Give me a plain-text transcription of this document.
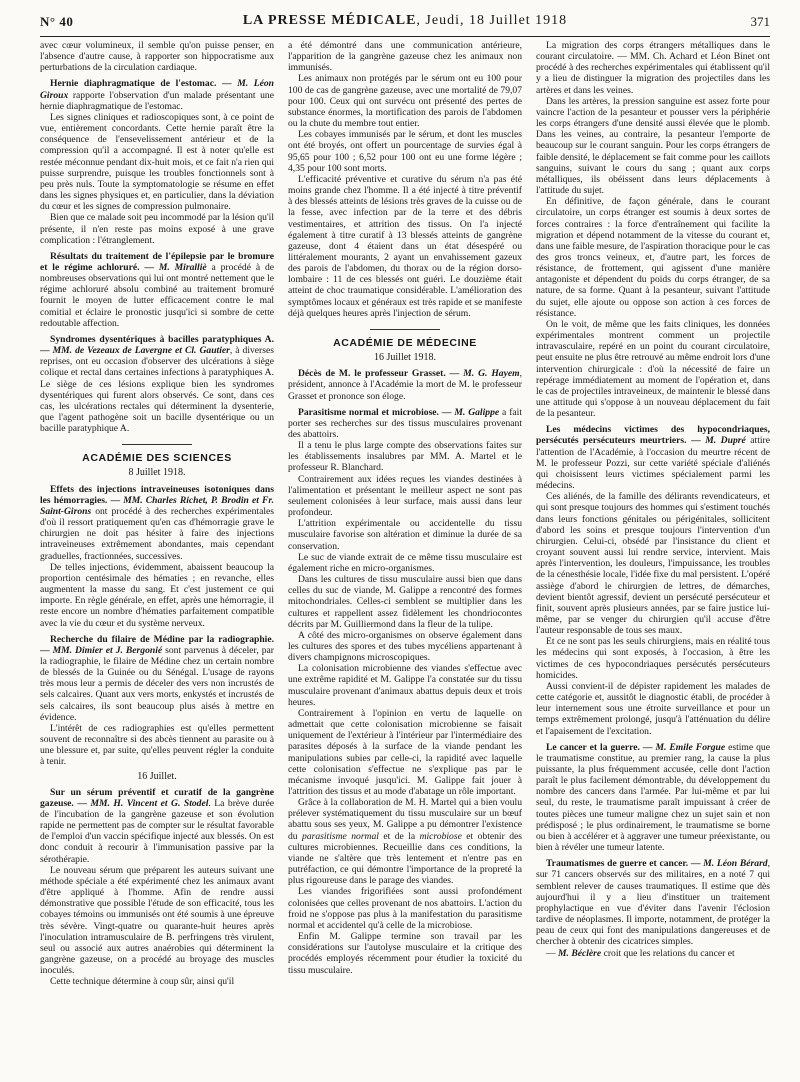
N° 40	LA PRESSE MÉDICALE, Jeudi, 18 Juillet 1918	371

avec cœur volumineux, il semble qu'on puisse penser, en l'absence d'autre cause, à rapporter son hippocratisme aux perturbations de la circulation cardiaque.

Hernie diaphragmatique de l'estomac. — M. Léon Giroux rapporte l'observation d'un malade présentant une hernie diaphragmatique de l'estomac.

Les signes cliniques et radioscopiques sont, à ce point de vue, entièrement concordants. Cette hernie paraît être la conséquence de l'ensevelissement antérieur et de la compression qu'il a accompagné. Il est à noter qu'elle est restée méconnue pendant dix-huit mois, et ce fait n'a rien qui puisse surprendre, puisque les troubles fonctionnels sont à peu près nuls. Toute la symptomatologie se résume en effet dans les signes physiques et, en particulier, dans la déviation du cœur et les signes de compression pulmonaire.

Bien que ce malade soit peu incommodé par la lésion qu'il présente, il n'en reste pas moins exposé à une grave complication : l'étranglement.

Résultats du traitement de l'épilepsie par le bromure et le régime achloruré. — M. Miralliè a procédé à de nombreuses observations qui lui ont montré nettement que le régime achloruré absolu combiné au traitement bromuré fournit le moyen de lutter efficacement contre le mal comitial et éclaire le pronostic jusqu'ici si sombre de cette redoutable affection.

Syndromes dysentériques à bacilles paratyphiques A. — MM. de Vezeaux de Lavergne et Cl. Gautier, à diverses reprises, ont eu occasion d'observer des ulcérations à siège colique et rectal dans certaines infections à paratyphiques A. Le siège de ces lésions explique bien les syndromes dysentériques qui furent alors observés. Ce sont, dans ces cas, les ulcérations rectales qui déterminent la dysenterie, que l'agent pathogène soit un bacille dysentérique ou un bacille paratyphique A.

ACADÉMIE DES SCIENCES
8 Juillet 1918.

Effets des injections intraveineuses isotoniques dans les hémorragies. — MM. Charles Richet, P. Brodin et Fr. Saint-Girons ont procédé à des recherches expérimentales d'où il ressort pratiquement qu'en cas d'hémorragie grave le chirurgien ne doit pas hésiter à faire des injections intraveineuses extrêmement abondantes, mais cependant graduelles, fractionnées, successives.

De telles injections, évidemment, abaissent beaucoup la proportion centésimale des hématies ; en revanche, elles augmentent la masse du sang. Et c'est justement ce qui importe. En règle générale, en effet, après une hémorragie, il reste encore un nombre d'hématies parfaitement compatible avec la vie du cœur et du système nerveux.

Recherche du filaire de Médine par la radiographie. — MM. Dimier et J. Bergonié sont parvenus à déceler, par la radiographie, le filaire de Médine chez un certain nombre de blessés de la Guinée ou du Sénégal. L'usage de rayons très mous leur a permis de déceler des vers non incrustés de sels calcaires. Quant aux vers morts, enkystés et incrustés de sels calcaires, ils sont beaucoup plus aisés à mettre en évidence.

L'intérêt de ces radiographies est qu'elles permettent souvent de reconnaître si des abcès tiennent au parasite ou à une blessure et, par suite, qu'elles peuvent régler la conduite à tenir.

16 Juillet.

Sur un sérum préventif et curatif de la gangrène gazeuse. — MM. H. Vincent et G. Stodel. La brève durée de l'incubation de la gangrène gazeuse et son évolution rapide ne permettent pas de compter sur le résultat favorable de l'emploi d'un vaccin spécifique injecté aux blessés. On est donc conduit à recourir à l'immunisation passive par la sérothérapie.

Le nouveau sérum que préparent les auteurs suivant une méthode spéciale a été expérimenté chez les animaux avant d'être appliqué à l'homme. Afin de rendre aussi démonstrative que possible l'étude de son efficacité, tous les cobayes témoins ou immunisés ont été soumis à une épreuve très sévère. Vingt-quatre ou quarante-huit heures après l'inoculation intramusculaire de B. perfringens très virulent, seul ou associé aux autres anaérobies qui déterminent la gangrène gazeuse, on a procédé au broyage des muscles inoculés.

Cette technique détermine à coup sûr, ainsi qu'il

a été démontré dans une communication antérieure, l'apparition de la gangrène gazeuse chez les animaux non immunisés.

Les animaux non protégés par le sérum ont eu 100 pour 100 de cas de gangrène gazeuse, avec une mortalité de 79,07 pour 100. Ceux qui ont survécu ont présenté des pertes de substance énormes, la mortification des parois de l'abdomen ou la chute du membre tout entier.

Les cobayes immunisés par le sérum, et dont les muscles ont été broyés, ont offert un pourcentage de survies égal à 95,65 pour 100 ; 6,52 pour 100 ont eu une forme légère ; 4,35 pour 100 sont morts.

L'efficacité préventive et curative du sérum n'a pas été moins grande chez l'homme. Il a été injecté à titre préventif à des blessés atteints de lésions très graves de la cuisse ou de la fesse, avec infection par de la terre et des débris vestimentaires, et attrition des tissus. On l'a injecté également à titre curatif à 13 blessés atteints de gangrène gazeuse, dont 4 étaient dans un état désespéré ou littéralement mourants, 2 ayant un envahissement gazeux des parois de l'abdomen, du thorax ou de la région dorso-lombaire : 11 de ces blessés ont guéri. Le douzième était atteint de choc traumatique considérable. L'amélioration des symptômes locaux et généraux est très rapide et se manifeste déjà quelques heures après l'injection de sérum.

ACADÉMIE DE MÉDECINE
16 Juillet 1918.

Décès de M. le professeur Grasset. — M. G. Hayem, président, annonce à l'Académie la mort de M. le professeur Grasset et prononce son éloge.

Parasitisme normal et microbiose. — M. Galippe a fait porter ses recherches sur des tissus musculaires provenant des abattoirs.

Il a tenu le plus large compte des observations faites sur les établissements insalubres par MM. A. Martel et le professeur R. Blanchard.

Contrairement aux idées reçues les viandes destinées à l'alimentation et présentant le meilleur aspect ne sont pas seulement colonisées à leur surface, mais aussi dans leur profondeur.

L'attrition expérimentale ou accidentelle du tissu musculaire favorise son altération et diminue la durée de sa conservation.

Le suc de viande extrait de ce même tissu musculaire est également riche en micro-organismes.

Dans les cultures de tissu musculaire aussi bien que dans celles du suc de viande, M. Galippe a rencontré des formes mitochondriales. Celles-ci semblent se multiplier dans les cultures et rappellent assez fidèlement les chondriocontes décrits par M. Guilliermond dans la fleur de la tulipe.

A côté des micro-organismes on observe également dans les cultures des spores et des tubes mycéliens appartenant à divers champignons microscopiques.

La colonisation microbienne des viandes s'effectue avec une extrême rapidité et M. Galippe l'a constatée sur du tissu musculaire provenant d'animaux abattus depuis deux et trois heures.

Contrairement à l'opinion en vertu de laquelle on admettait que cette colonisation microbienne se faisait uniquement de l'extérieur à l'intérieur par l'intermédiaire des parasites déposés à la surface de la viande pendant les manipulations subies par celle-ci, la rapidité avec laquelle cette colonisation s'effectue ne s'explique pas par le mécanisme invoqué jusqu'ici. M. Galippe fait jouer à l'attrition des tissus et au mode d'abatage un rôle important.

Grâce à la collaboration de M. H. Martel qui a bien voulu prélever systématiquement du tissu musculaire sur un bœuf abattu sous ses yeux, M. Galippe a pu démontrer l'existence du parasitisme normal et de la microbiose et obtenir des cultures microbiennes. Recueillie dans ces conditions, la viande ne s'altère que très lentement et n'entre pas en putréfaction, ce qui démontre l'importance de la propreté la plus rigoureuse dans le parage des viandes.

Les viandes frigorifiées sont aussi profondément colonisées que celles provenant de nos abattoirs. L'action du froid ne s'oppose pas plus à la manifestation du parasitisme normal et accidentel qu'à celle de la microbiose.

Enfin M. Galippe termine son travail par les considérations sur l'autolyse musculaire et la critique des procédés employés récemment pour étudier la toxicité du tissu musculaire.

La migration des corps étrangers métalliques dans le courant circulatoire. — MM. Ch. Achard et Léon Binet ont procédé à des recherches expérimentales qui établissent qu'il y a lieu de distinguer la migration des projectiles dans les artères et dans les veines.

Dans les artères, la pression sanguine est assez forte pour vaincre l'action de la pesanteur et pousser vers la périphérie les corps étrangers d'une densité aussi élevée que le plomb. Dans les veines, au contraire, la pesanteur l'emporte de beaucoup sur le courant sanguin. Pour les corps étrangers de faible densité, le déplacement se fait comme pour les caillots sanguins, suivant le cours du sang ; quant aux corps métalliques, ils obéissent dans leurs déplacements à l'attitude du sujet.

En définitive, de façon générale, dans le courant circulatoire, un corps étranger est soumis à deux sortes de forces contraires : la force d'entraînement qui facilite la migration et dépend notamment de la vitesse du courant et, dans une faible mesure, de l'aspiration thoracique pour le cas des gros troncs veineux, et, d'autre part, les forces de résistance, de frottement, qui agissent d'une manière antagoniste et dépendent du poids du corps étranger, de sa nature, de sa forme. Quant à la pesanteur, suivant l'attitude du sujet, elle ajoute ou oppose son action à ces forces de résistance.

On le voit, de même que les faits cliniques, les données expérimentales montrent comment un projectile intravasculaire, repéré en un point du courant circulatoire, peut ensuite ne plus être retrouvé au même endroit lors d'une intervention chirurgicale : d'où la nécessité de faire un repérage immédiatement au moment de l'opération et, dans le cas de projectiles intraveineux, de maintenir le blessé dans une attitude qui s'oppose à un nouveau déplacement du fait de la pesanteur.

Les médecins victimes des hypocondriaques, persécutés persécuteurs meurtriers. — M. Dupré attire l'attention de l'Académie, à l'occasion du meurtre récent de M. le professeur Pozzi, sur cette variété spéciale d'aliénés qui choisissent leurs victimes spécialement parmi les médecins.

Ces aliénés, de la famille des délirants revendicateurs, et qui sont presque toujours des hommes qui s'estiment touchés dans leurs fonctions génitales ou périgénitales, sollicitent d'abord les soins et presque toujours l'intervention d'un chirurgien. Celui-ci, obsédé par l'insistance du client et croyant souvent aussi lui rendre service, intervient. Mais après l'intervention, les douleurs, l'impuissance, les troubles de la cénesthésie locale, l'idée fixe du mal persistent. L'opéré assiège d'abord le chirurgien de lettres, de démarches, devient bientôt agressif, devient un persécuté persécuteur et finit, souvent après plusieurs années, par se faire justice lui-même, par se venger du chirurgien qu'il accuse d'être l'auteur responsable de tous ses maux.

Et ce ne sont pas les seuls chirurgiens, mais en réalité tous les médecins qui sont exposés, à l'occasion, à être les victimes de ces hypocondriaques persécutés persécuteurs homicides.

Aussi convient-il de dépister rapidement les malades de cette catégorie et, aussitôt le diagnostic établi, de procéder à leur internement sous une étroite surveillance et pour un temps extrêmement prolongé, jusqu'à l'atténuation du délire et l'apaisement de l'excitation.

Le cancer et la guerre. — M. Emile Forgue estime que le traumatisme constitue, au premier rang, la cause la plus puissante, la plus fréquemment accusée, celle dont l'action paraît le plus facilement démontrable, du développement du nombre des cancers dans l'armée. Par lui-même et par lui seul, du reste, le traumatisme paraît impuissant à créer de toutes pièces une tumeur maligne chez un sujet sain et non prédisposé ; le plus ordinairement, le traumatisme se borne ou bien à accélérer et à aggraver une tumeur préexistante, ou bien à révéler une tumeur latente.

Traumatismes de guerre et cancer. — M. Léon Bérard, sur 71 cancers observés sur des militaires, en a noté 7 qui semblent relever de causes traumatiques. Il estime que dès aujourd'hui il y a lieu d'instituer un traitement prophylactique en vue d'éviter dans l'avenir l'éclosion tardive de néoplasmes. Il importe, notamment, de protéger la peau de ceux qui font des manipulations dangereuses et de chercher à obtenir des cicatrices simples.

— M. Béclère croit que les relations du cancer et
